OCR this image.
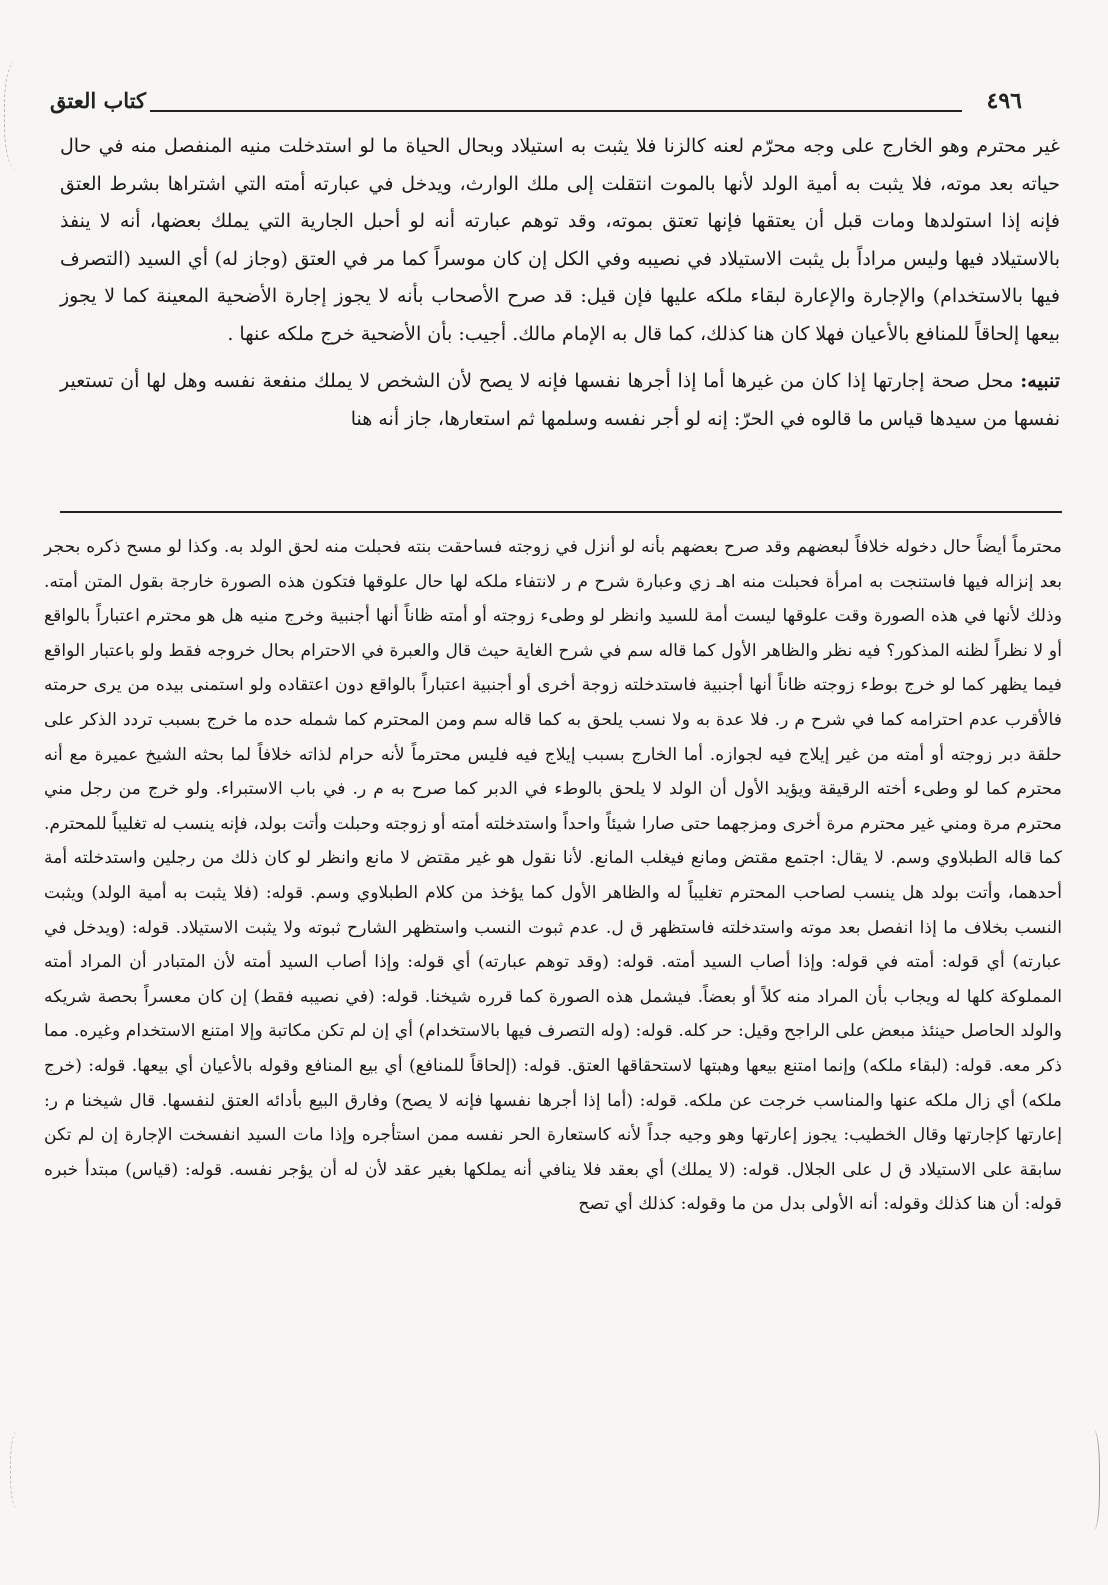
٤٩٦
كتاب العتق

غير محترم وهو الخارج على وجه محرّم لعنه كالزنا فلا يثبت به استيلاد وبحال الحياة ما لو استدخلت منيه المنفصل منه في حال حياته بعد موته، فلا يثبت به أمية الولد لأنها بالموت انتقلت إلى ملك الوارث، ويدخل في عبارته أمته التي اشتراها بشرط العتق فإنه إذا استولدها ومات قبل أن يعتقها فإنها تعتق بموته، وقد توهم عبارته أنه لو أحبل الجارية التي يملك بعضها، أنه لا ينفذ بالاستيلاد فيها وليس مراداً بل يثبت الاستيلاد في نصيبه وفي الكل إن كان موسراً كما مر في العتق (وجاز له) أي السيد (التصرف فيها بالاستخدام) والإجارة والإعارة لبقاء ملكه عليها فإن قيل: قد صرح الأصحاب بأنه لا يجوز إجارة الأضحية المعينة كما لا يجوز بيعها إلحاقاً للمنافع بالأعيان فهلا كان هنا كذلك، كما قال به الإمام مالك. أجيب: بأن الأضحية خرج ملكه عنها .

تنبيه: محل صحة إجارتها إذا كان من غيرها أما إذا أجرها نفسها فإنه لا يصح لأن الشخص لا يملك منفعة نفسه وهل لها أن تستعير نفسها من سيدها قياس ما قالوه في الحرّ: إنه لو أجر نفسه وسلمها ثم استعارها، جاز أنه هنا

محترماً أيضاً حال دخوله خلافاً لبعضهم وقد صرح بعضهم بأنه لو أنزل في زوجته فساحقت بنته فحبلت منه لحق الولد به. وكذا لو مسح ذكره بحجر بعد إنزاله فيها فاستنجت به امرأة فحبلت منه اهـ زي وعبارة شرح م ر لانتفاء ملكه لها حال علوقها فتكون هذه الصورة خارجة بقول المتن أمته. وذلك لأنها في هذه الصورة وقت علوقها ليست أمة للسيد وانظر لو وطىء زوجته أو أمته ظاناً أنها أجنبية وخرج منيه هل هو محترم اعتباراً بالواقع أو لا نظراً لظنه المذكور؟ فيه نظر والظاهر الأول كما قاله سم في شرح الغاية حيث قال والعبرة في الاحترام بحال خروجه فقط ولو باعتبار الواقع فيما يظهر كما لو خرج بوطء زوجته ظاناً أنها أجنبية فاستدخلته زوجة أخرى أو أجنبية اعتباراً بالواقع دون اعتقاده ولو استمنى بيده من يرى حرمته فالأقرب عدم احترامه كما في شرح م ر. فلا عدة به ولا نسب يلحق به كما قاله سم ومن المحترم كما شمله حده ما خرج بسبب تردد الذكر على حلقة دبر زوجته أو أمته من غير إيلاج فيه لجوازه. أما الخارج بسبب إيلاج فيه فليس محترماً لأنه حرام لذاته خلافاً لما بحثه الشيخ عميرة مع أنه محترم كما لو وطىء أخته الرقيقة ويؤيد الأول أن الولد لا يلحق بالوطء في الدبر كما صرح به م ر. في باب الاستبراء. ولو خرج من رجل مني محترم مرة ومني غير محترم مرة أخرى ومزجهما حتى صارا شيئاً واحداً واستدخلته أمته أو زوجته وحبلت وأتت بولد، فإنه ينسب له تغليباً للمحترم. كما قاله الطبلاوي وسم. لا يقال: اجتمع مقتض ومانع فيغلب المانع. لأنا نقول هو غير مقتض لا مانع وانظر لو كان ذلك من رجلين واستدخلته أمة أحدهما، وأتت بولد هل ينسب لصاحب المحترم تغليباً له والظاهر الأول كما يؤخذ من كلام الطبلاوي وسم. قوله: (فلا يثبت به أمية الولد) ويثبت النسب بخلاف ما إذا انفصل بعد موته واستدخلته فاستظهر ق ل. عدم ثبوت النسب واستظهر الشارح ثبوته ولا يثبت الاستيلاد. قوله: (ويدخل في عبارته) أي قوله: أمته في قوله: وإذا أصاب السيد أمته. قوله: (وقد توهم عبارته) أي قوله: وإذا أصاب السيد أمته لأن المتبادر أن المراد أمته المملوكة كلها له ويجاب بأن المراد منه كلاً أو بعضاً. فيشمل هذه الصورة كما قرره شيخنا. قوله: (في نصيبه فقط) إن كان معسراً بحصة شريكه والولد الحاصل حينئذ مبعض على الراجح وقيل: حر كله. قوله: (وله التصرف فيها بالاستخدام) أي إن لم تكن مكاتبة وإلا امتنع الاستخدام وغيره. مما ذكر معه. قوله: (لبقاء ملكه) وإنما امتنع بيعها وهبتها لاستحقاقها العتق. قوله: (إلحاقاً للمنافع) أي بيع المنافع وقوله بالأعيان أي بيعها. قوله: (خرج ملكه) أي زال ملكه عنها والمناسب خرجت عن ملكه. قوله: (أما إذا أجرها نفسها فإنه لا يصح) وفارق البيع بأدائه العتق لنفسها. قال شيخنا م ر: إعارتها كإجارتها وقال الخطيب: يجوز إعارتها وهو وجيه جداً لأنه كاستعارة الحر نفسه ممن استأجره وإذا مات السيد انفسخت الإجارة إن لم تكن سابقة على الاستيلاد ق ل على الجلال. قوله: (لا يملك) أي بعقد فلا ينافي أنه يملكها بغير عقد لأن له أن يؤجر نفسه. قوله: (قياس) مبتدأ خبره قوله: أن هنا كذلك وقوله: أنه الأولى بدل من ما وقوله: كذلك أي تصح
